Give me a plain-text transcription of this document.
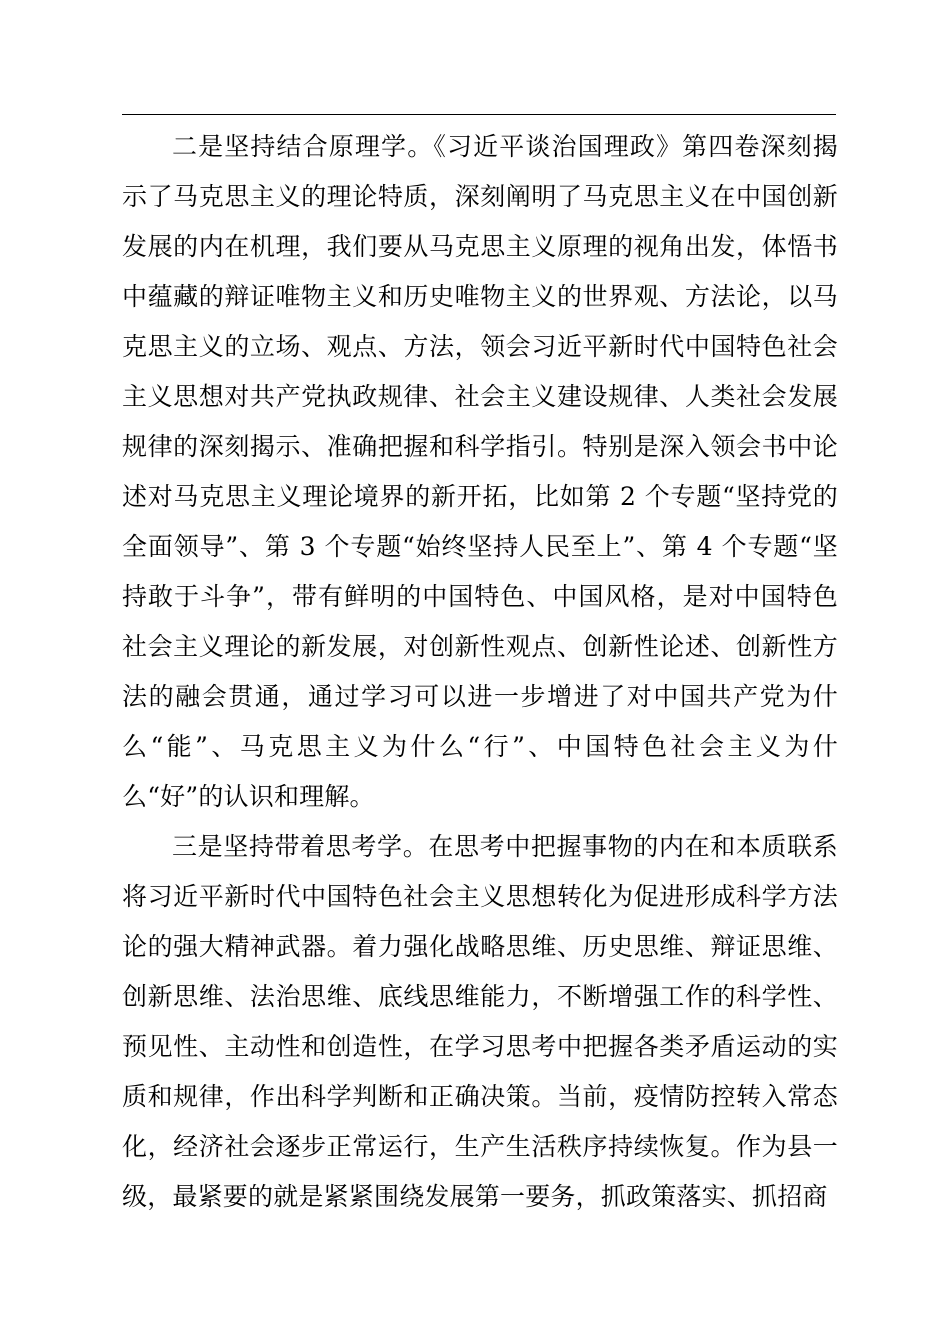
二是坚持结合原理学。《习近平谈治国理政》第四卷深刻揭示了马克思主义的理论特质，深刻阐明了马克思主义在中国创新发展的内在机理，我们要从马克思主义原理的视角出发，体悟书中蕴藏的辩证唯物主义和历史唯物主义的世界观、方法论，以马克思主义的立场、观点、方法，领会习近平新时代中国特色社会主义思想对共产党执政规律、社会主义建设规律、人类社会发展规律的深刻揭示、准确把握和科学指引。特别是深入领会书中论述对马克思主义理论境界的新开拓，比如第 2 个专题“坚持党的全面领导”、第 3 个专题“始终坚持人民至上”、第 4 个专题“坚持敢于斗争”，带有鲜明的中国特色、中国风格，是对中国特色社会主义理论的新发展，对创新性观点、创新性论述、创新性方法的融会贯通，通过学习可以进一步增进了对中国共产党为什么“能”、马克思主义为什么“行”、中国特色社会主义为什么“好”的认识和理解。

三是坚持带着思考学。在思考中把握事物的内在和本质联系将习近平新时代中国特色社会主义思想转化为促进形成科学方法论的强大精神武器。着力强化战略思维、历史思维、辩证思维、创新思维、法治思维、底线思维能力，不断增强工作的科学性、预见性、主动性和创造性，在学习思考中把握各类矛盾运动的实质和规律，作出科学判断和正确决策。当前，疫情防控转入常态化，经济社会逐步正常运行，生产生活秩序持续恢复。作为县一级，最紧要的就是紧紧围绕发展第一要务，抓政策落实、抓招商
